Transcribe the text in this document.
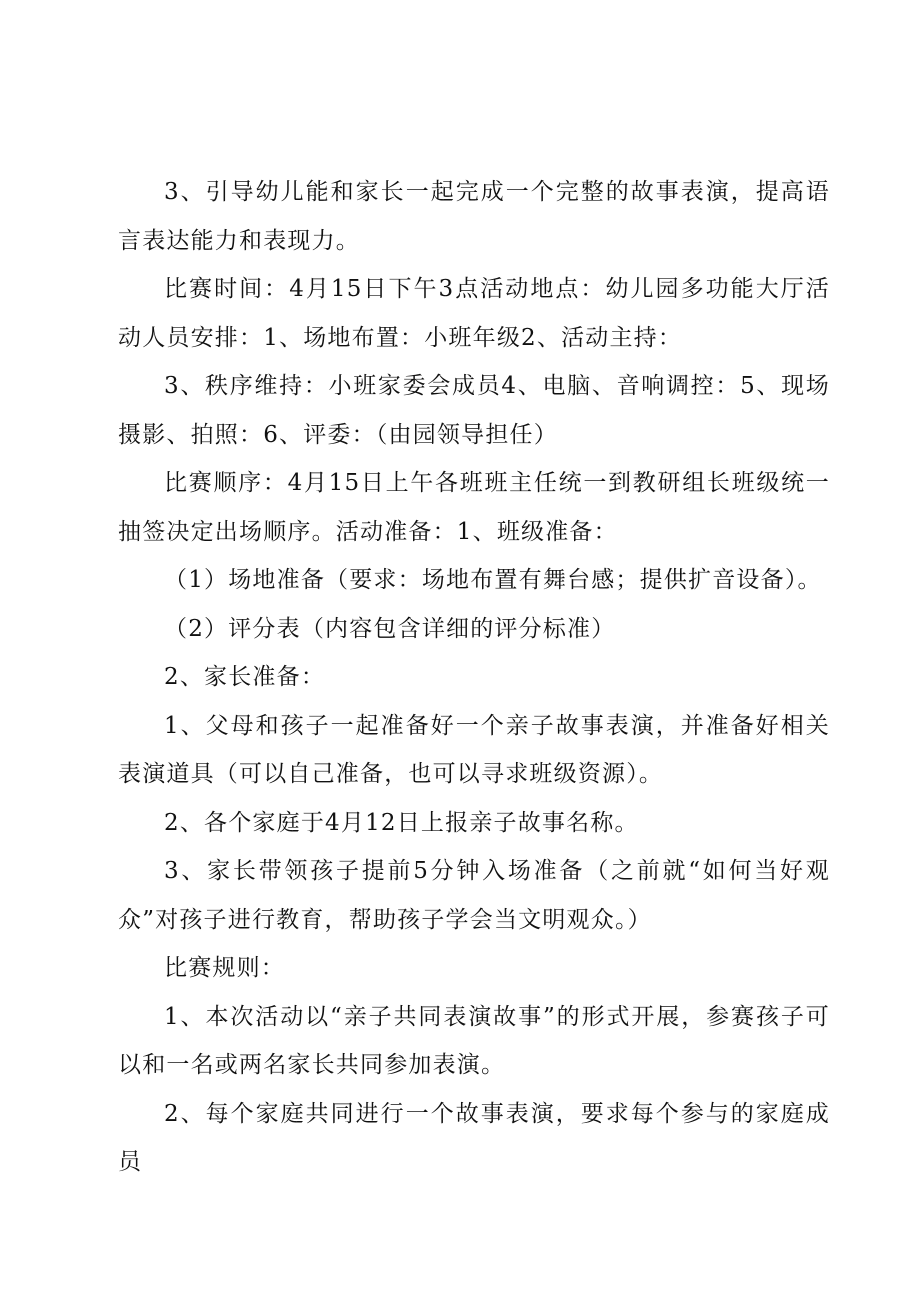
3、引导幼儿能和家长一起完成一个完整的故事表演，提高语言表达能力和表现力。

比赛时间：4月15日下午3点活动地点：幼儿园多功能大厅活动人员安排：1、场地布置：小班年级2、活动主持：

3、秩序维持：小班家委会成员4、电脑、音响调控：5、现场摄影、拍照：6、评委：（由园领导担任）

比赛顺序：4月15日上午各班班主任统一到教研组长班级统一抽签决定出场顺序。活动准备：1、班级准备：

（1）场地准备（要求：场地布置有舞台感；提供扩音设备）。

（2）评分表（内容包含详细的评分标准）

2、家长准备：

1、父母和孩子一起准备好一个亲子故事表演，并准备好相关表演道具（可以自己准备，也可以寻求班级资源）。

2、各个家庭于4月12日上报亲子故事名称。

3、家长带领孩子提前5分钟入场准备（之前就“如何当好观众”对孩子进行教育，帮助孩子学会当文明观众。）

比赛规则：

1、本次活动以“亲子共同表演故事”的形式开展，参赛孩子可以和一名或两名家长共同参加表演。

2、每个家庭共同进行一个故事表演，要求每个参与的家庭成员
